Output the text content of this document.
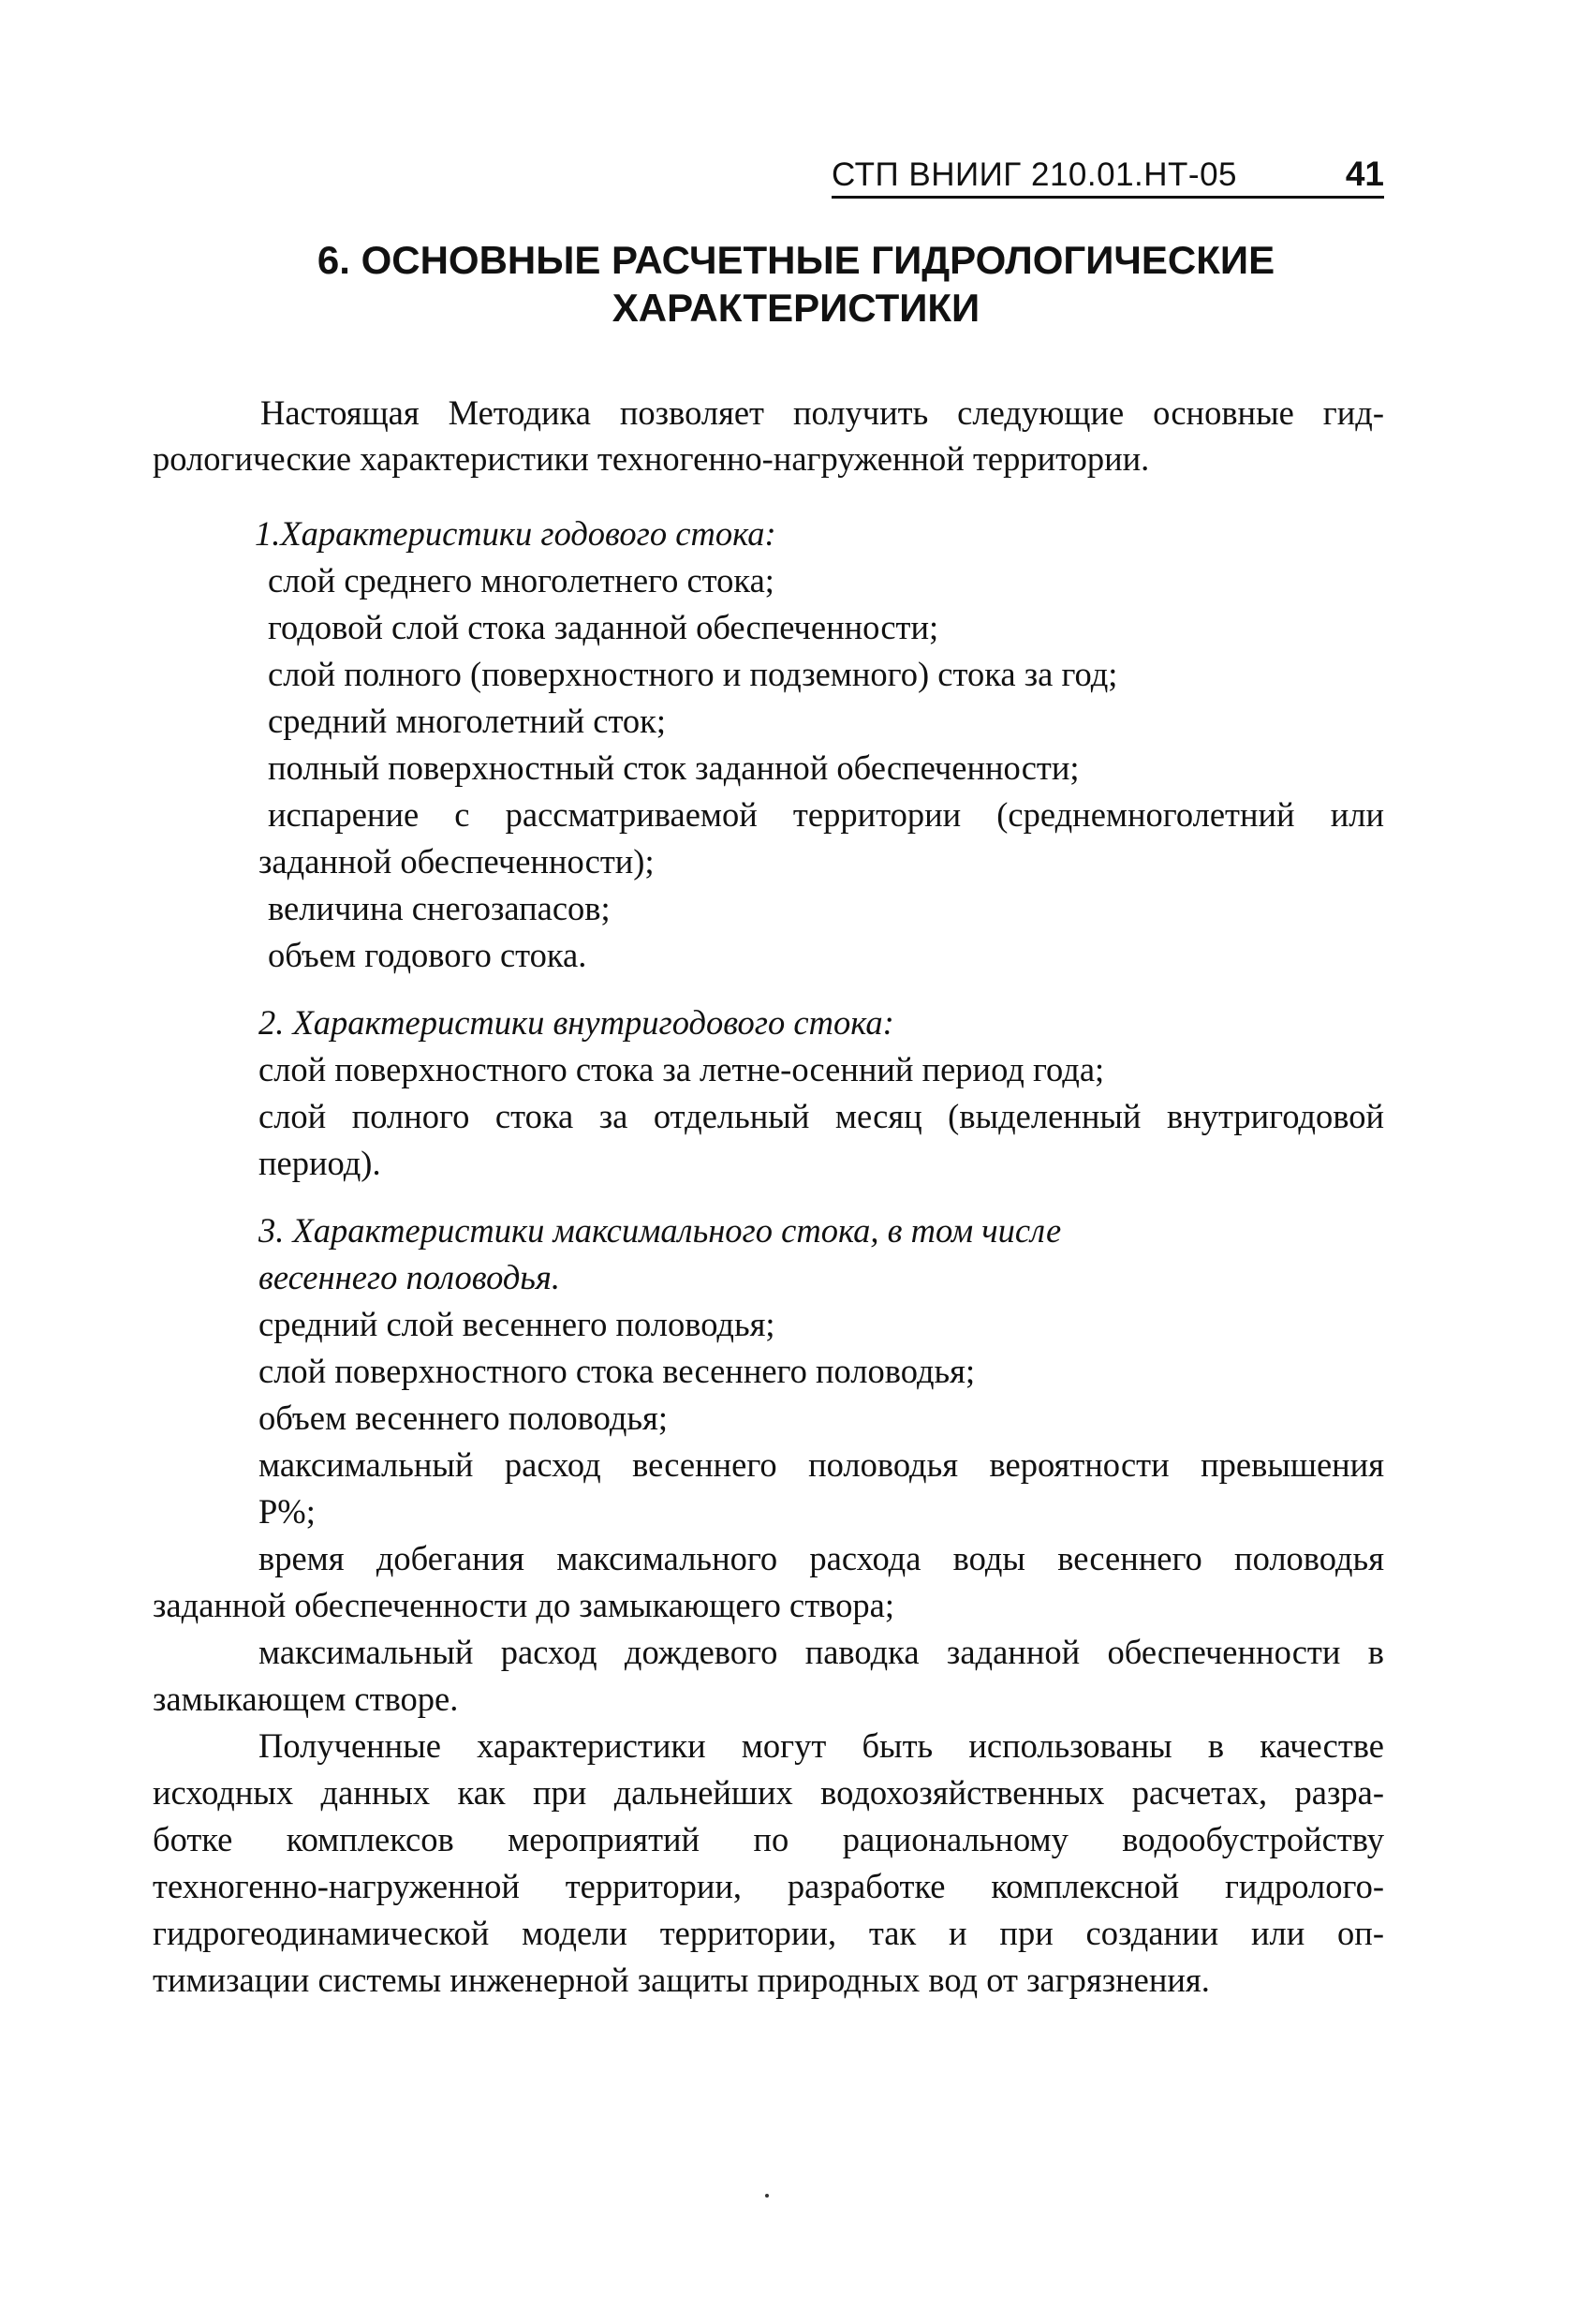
СТП ВНИИГ 210.01.НТ-05	41
6. ОСНОВНЫЕ РАСЧЕТНЫЕ ГИДРОЛОГИЧЕСКИЕ
ХАРАКТЕРИСТИКИ
Настоящая Методика позволяет получить следующие основные гид-
рологические характеристики техногенно-нагруженной территории.
1.Характеристики годового стока:
слой среднего многолетнего стока;
годовой слой стока заданной обеспеченности;
слой полного (поверхностного и подземного) стока за год;
средний многолетний сток;
полный поверхностный сток заданной обеспеченности;
испарение с рассматриваемой территории (среднемноголетний или
заданной обеспеченности);
величина снегозапасов;
объем годового стока.
2. Характеристики внутригодового стока:
слой поверхностного стока за летне-осенний период года;
слой полного стока за отдельный месяц (выделенный внутригодовой
период).
3. Характеристики максимального стока, в том числе
весеннего половодья.
средний слой весеннего половодья;
слой поверхностного стока весеннего половодья;
объем весеннего половодья;
максимальный расход весеннего половодья вероятности превышения
Р%;
время добегания максимального расхода воды весеннего половодья
заданной обеспеченности до замыкающего створа;
максимальный расход дождевого паводка заданной обеспеченности в
замыкающем створе.
Полученные характеристики могут быть использованы в качестве
исходных данных как при дальнейших водохозяйственных расчетах, разра-
ботке комплексов мероприятий по рациональному водообустройству
техногенно-нагруженной территории, разработке комплексной гидролого-
гидрогеодинамической модели территории, так и при создании или оп-
тимизации системы инженерной защиты природных вод от загрязнения.
